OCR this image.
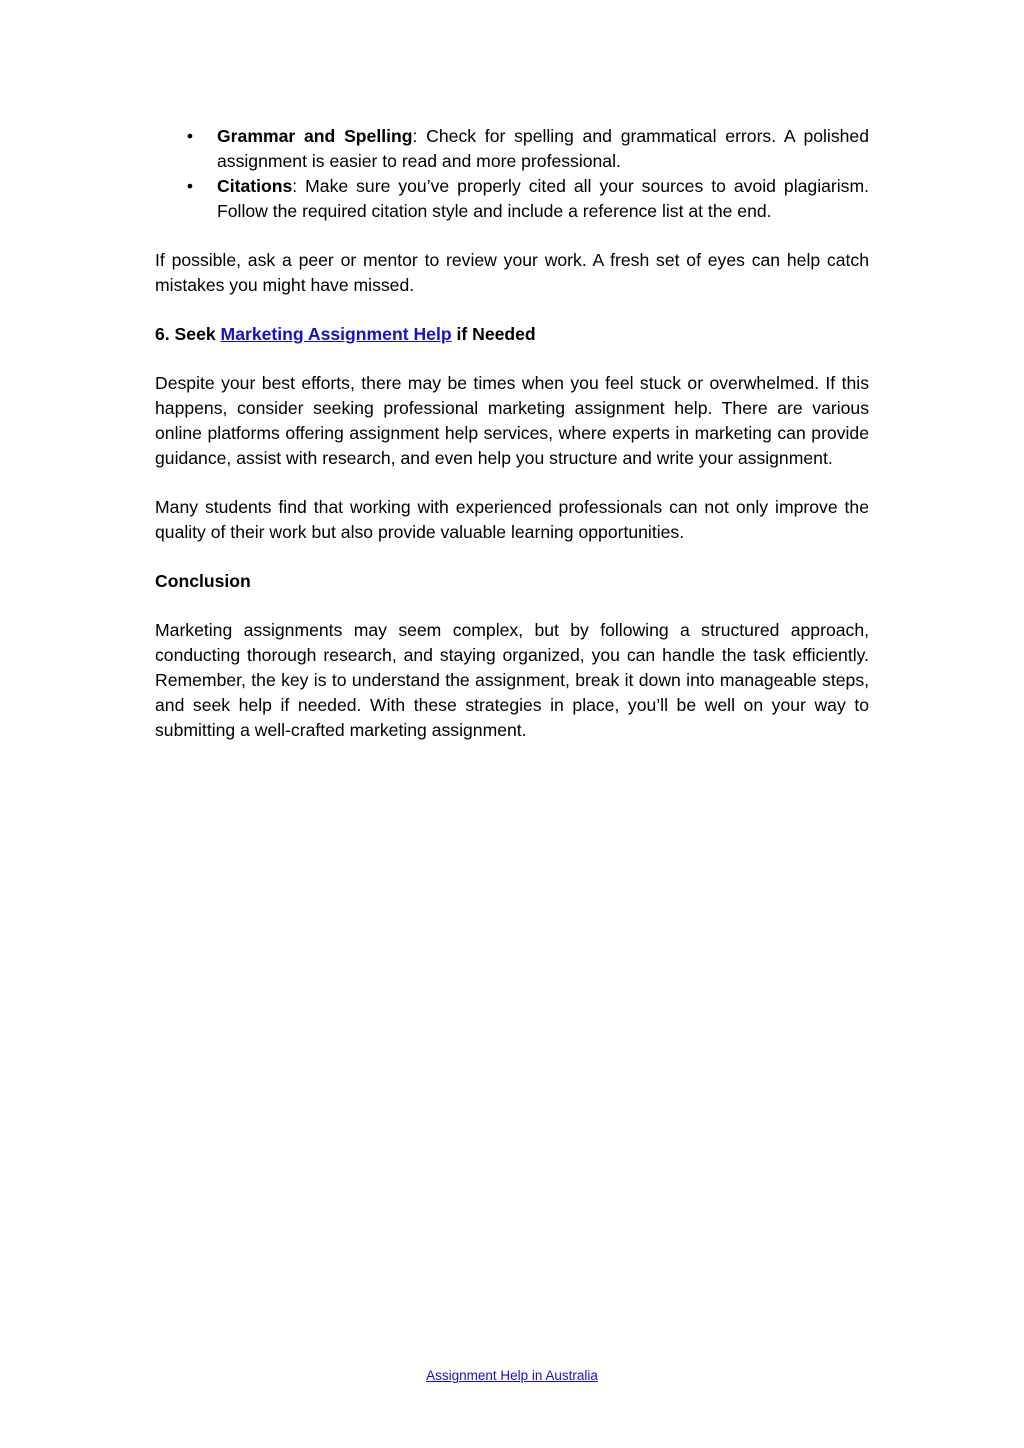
• Grammar and Spelling: Check for spelling and grammatical errors. A polished assignment is easier to read and more professional.
• Citations: Make sure you’ve properly cited all your sources to avoid plagiarism. Follow the required citation style and include a reference list at the end.

If possible, ask a peer or mentor to review your work. A fresh set of eyes can help catch mistakes you might have missed.

6. Seek Marketing Assignment Help if Needed

Despite your best efforts, there may be times when you feel stuck or overwhelmed. If this happens, consider seeking professional marketing assignment help. There are various online platforms offering assignment help services, where experts in marketing can provide guidance, assist with research, and even help you structure and write your assignment.

Many students find that working with experienced professionals can not only improve the quality of their work but also provide valuable learning opportunities.

Conclusion

Marketing assignments may seem complex, but by following a structured approach, conducting thorough research, and staying organized, you can handle the task efficiently. Remember, the key is to understand the assignment, break it down into manageable steps, and seek help if needed. With these strategies in place, you’ll be well on your way to submitting a well-crafted marketing assignment.

Assignment Help in Australia
